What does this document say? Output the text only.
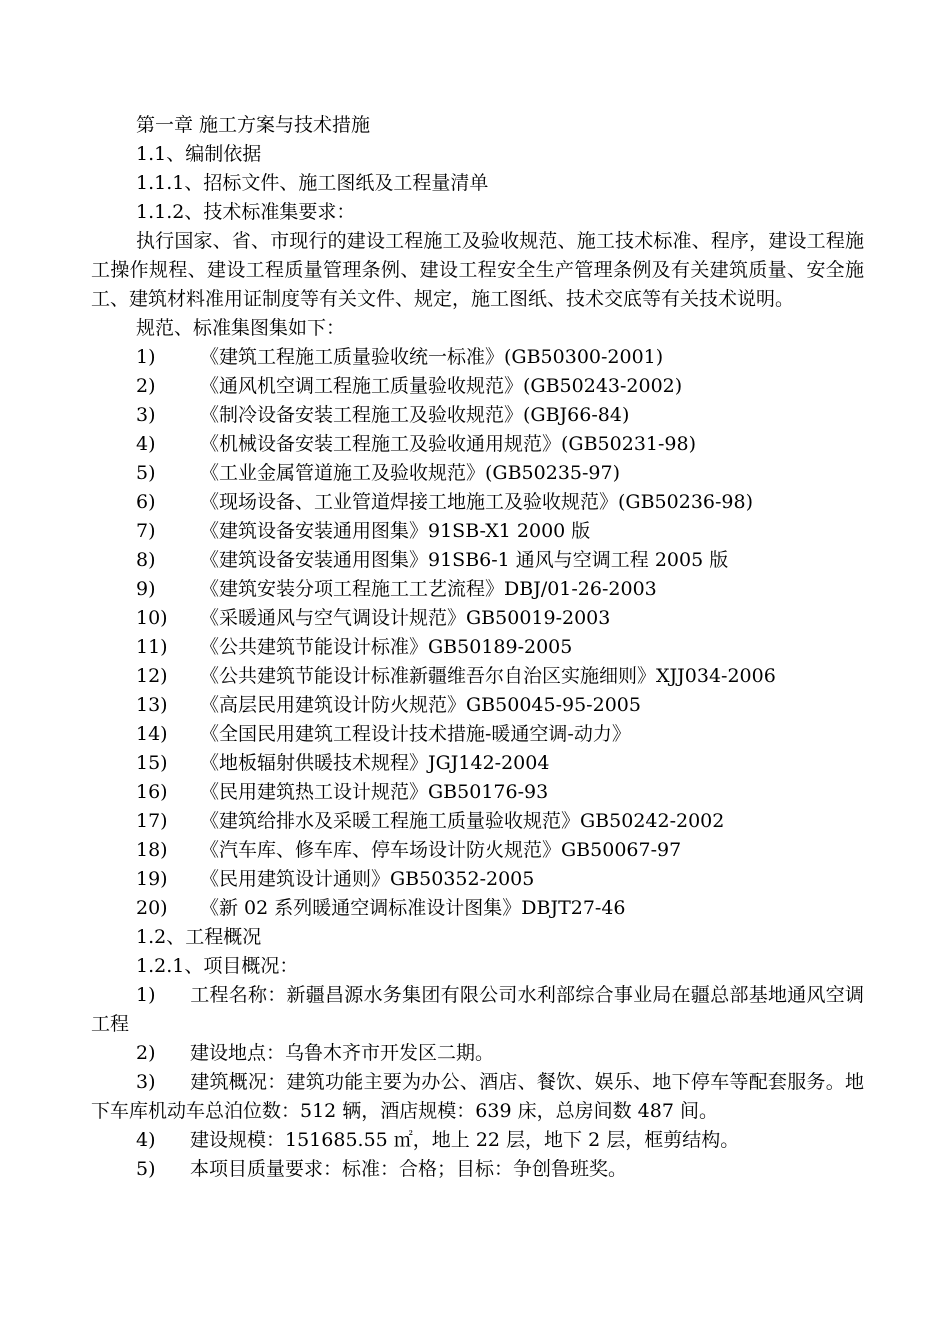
第一章 施工方案与技术措施
1.1、编制依据
1.1.1、招标文件、施工图纸及工程量清单
1.1.2、技术标准集要求：
执行国家、省、市现行的建设工程施工及验收规范、施工技术标准、程序，建设工程施工操作规程、建设工程质量管理条例、建设工程安全生产管理条例及有关建筑质量、安全施工、建筑材料准用证制度等有关文件、规定，施工图纸、技术交底等有关技术说明。
规范、标准集图集如下：
1) 《建筑工程施工质量验收统一标准》(GB50300-2001)
2) 《通风机空调工程施工质量验收规范》(GB50243-2002)
3) 《制冷设备安装工程施工及验收规范》(GBJ66-84)
4) 《机械设备安装工程施工及验收通用规范》(GB50231-98)
5) 《工业金属管道施工及验收规范》(GB50235-97)
6) 《现场设备、工业管道焊接工地施工及验收规范》(GB50236-98)
7) 《建筑设备安装通用图集》91SB-X1 2000 版
8) 《建筑设备安装通用图集》91SB6-1 通风与空调工程 2005 版
9) 《建筑安装分项工程施工工艺流程》DBJ/01-26-2003
10) 《采暖通风与空气调设计规范》GB50019-2003
11) 《公共建筑节能设计标准》GB50189-2005
12) 《公共建筑节能设计标准新疆维吾尔自治区实施细则》XJJ034-2006
13) 《高层民用建筑设计防火规范》GB50045-95-2005
14) 《全国民用建筑工程设计技术措施-暖通空调-动力》
15) 《地板辐射供暖技术规程》JGJ142-2004
16) 《民用建筑热工设计规范》GB50176-93
17) 《建筑给排水及采暖工程施工质量验收规范》GB50242-2002
18) 《汽车库、修车库、停车场设计防火规范》GB50067-97
19) 《民用建筑设计通则》GB50352-2005
20) 《新 02 系列暖通空调标准设计图集》DBJT27-46
1.2、工程概况
1.2.1、项目概况：
1) 工程名称：新疆昌源水务集团有限公司水利部综合事业局在疆总部基地通风空调工程
2) 建设地点：乌鲁木齐市开发区二期。
3) 建筑概况：建筑功能主要为办公、酒店、餐饮、娱乐、地下停车等配套服务。地下车库机动车总泊位数：512 辆，酒店规模：639 床，总房间数 487 间。
4) 建设规模：151685.55 ㎡，地上 22 层，地下 2 层，框剪结构。
5) 本项目质量要求：标准：合格；目标：争创鲁班奖。
